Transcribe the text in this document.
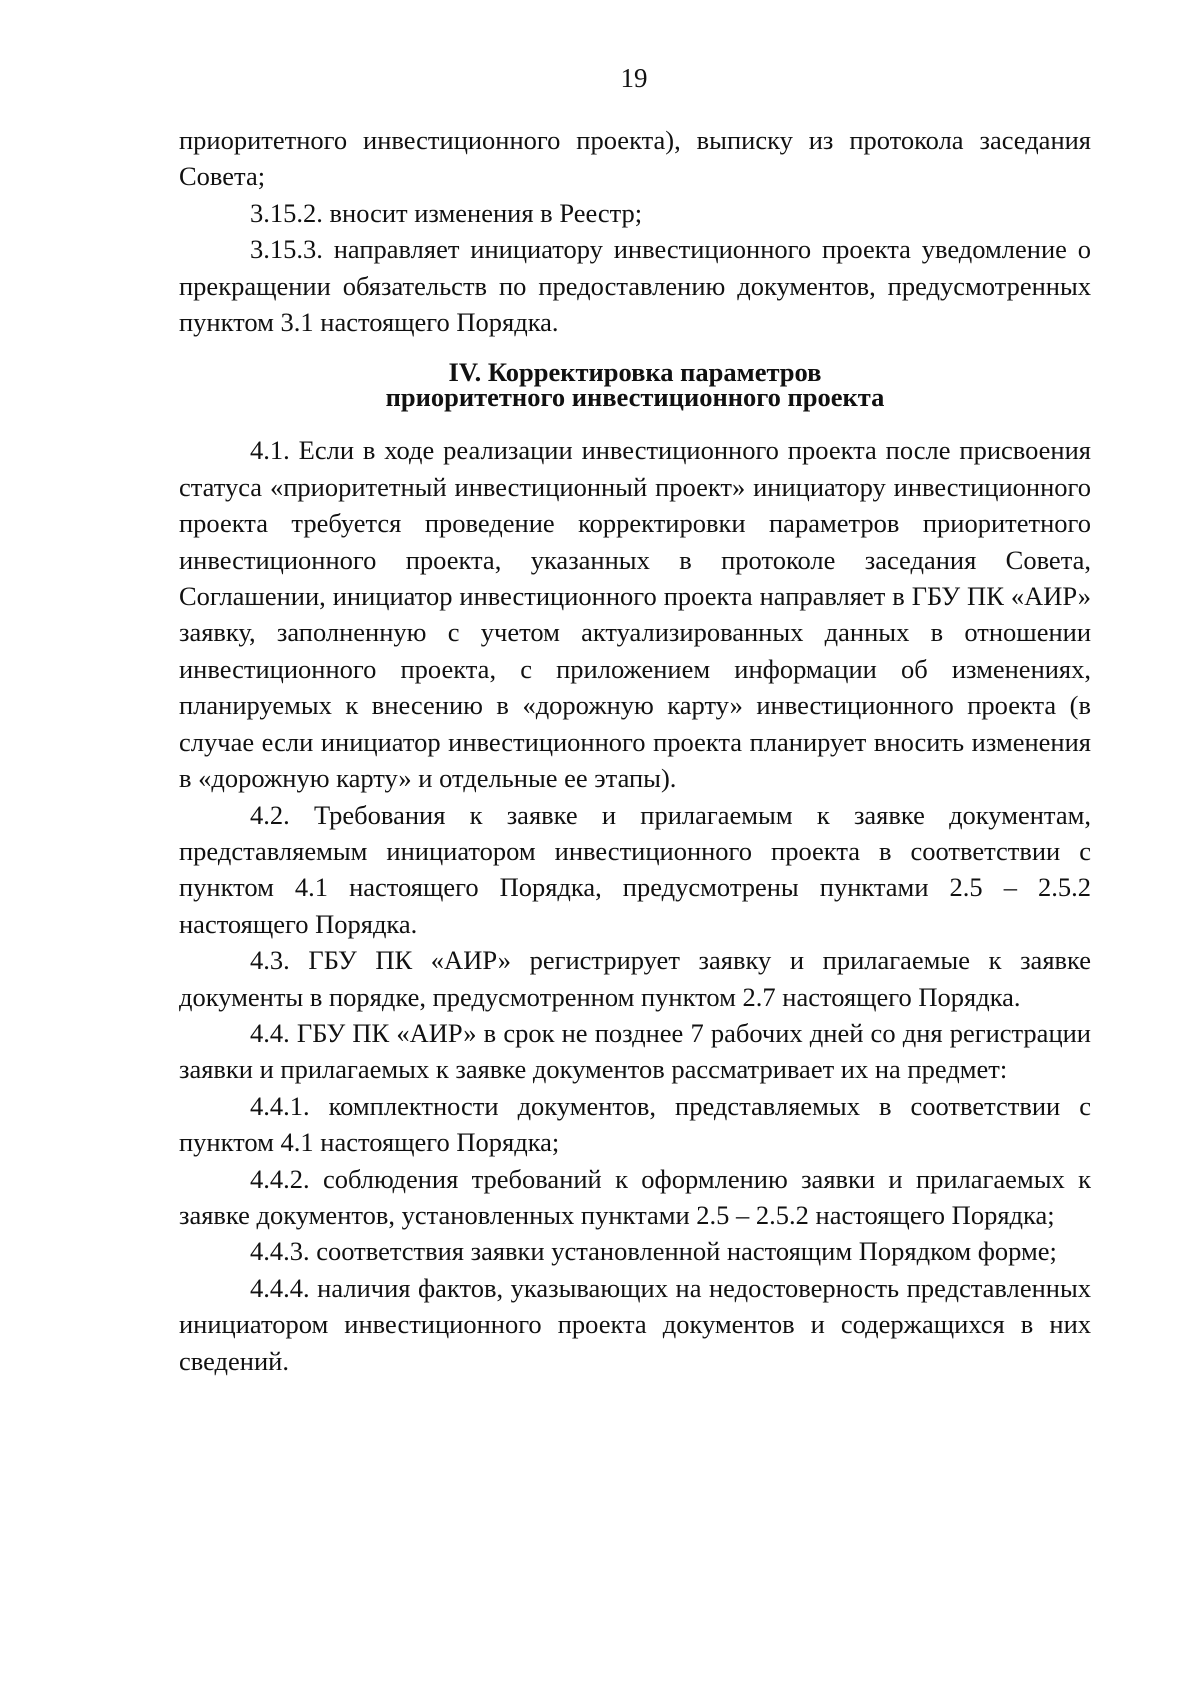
19

приоритетного инвестиционного проекта), выписку из протокола заседания Совета;

3.15.2. вносит изменения в Реестр;

3.15.3. направляет инициатору инвестиционного проекта уведомление о прекращении обязательств по предоставлению документов, предусмотренных пунктом 3.1 настоящего Порядка.

IV. Корректировка параметров
приоритетного инвестиционного проекта

4.1. Если в ходе реализации инвестиционного проекта после присвоения статуса «приоритетный инвестиционный проект» инициатору инвестиционного проекта требуется проведение корректировки параметров приоритетного инвестиционного проекта, указанных в протоколе заседания Совета, Соглашении, инициатор инвестиционного проекта направляет в ГБУ ПК «АИР» заявку, заполненную с учетом актуализированных данных в отношении инвестиционного проекта, с приложением информации об изменениях, планируемых к внесению в «дорожную карту» инвестиционного проекта (в случае если инициатор инвестиционного проекта планирует вносить изменения в «дорожную карту» и отдельные ее этапы).

4.2. Требования к заявке и прилагаемым к заявке документам, представляемым инициатором инвестиционного проекта в соответствии с пунктом 4.1 настоящего Порядка, предусмотрены пунктами 2.5 – 2.5.2 настоящего Порядка.

4.3. ГБУ ПК «АИР» регистрирует заявку и прилагаемые к заявке документы в порядке, предусмотренном пунктом 2.7 настоящего Порядка.

4.4. ГБУ ПК «АИР» в срок не позднее 7 рабочих дней со дня регистрации заявки и прилагаемых к заявке документов рассматривает их на предмет:

4.4.1. комплектности документов, представляемых в соответствии с пунктом 4.1 настоящего Порядка;

4.4.2. соблюдения требований к оформлению заявки и прилагаемых к заявке документов, установленных пунктами 2.5 – 2.5.2 настоящего Порядка;

4.4.3. соответствия заявки установленной настоящим Порядком форме;

4.4.4. наличия фактов, указывающих на недостоверность представленных инициатором инвестиционного проекта документов и содержащихся в них сведений.
